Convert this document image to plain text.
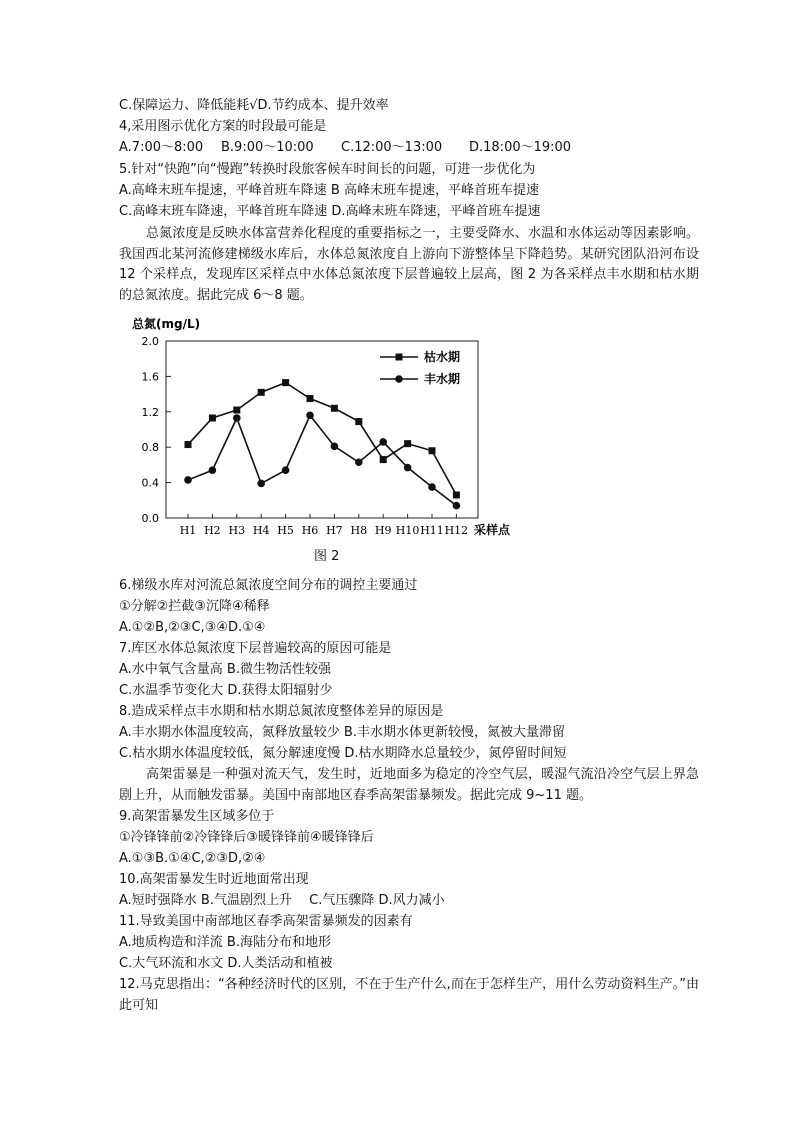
C.保障运力、降低能耗√D.节约成本、提升效率
4,采用图示优化方案的时段最可能是
A.7:00～8:00 B.9:00～10:00 C.12:00～13:00 D.18:00～19:00
5.针对“快跑”向“慢跑”转换时段旅客候车时间长的问题，可进一步优化为
A.高峰末班车提速，平峰首班车降速 B 高峰末班车提速，平峰首班车提速
C.高峰末班车降速，平峰首班车降速 D.高峰末班车降速，平峰首班车提速
总氮浓度是反映水体富营养化程度的重要指标之一，主要受降水、水温和水体运动等因素影响。我国西北某河流修建梯级水库后，水体总氮浓度自上游向下游整体呈下降趋势。某研究团队沿河布设 12 个采样点，发现库区采样点中水体总氮浓度下层普遍较上层高，图 2 为各采样点丰水期和枯水期的总氮浓度。据此完成 6～8 题。
总氮(mg/L)
2.0
1.6
1.2
0.8
0.4
0.0
H1 H2 H3 H4 H5 H6 H7 H8 H9 H10 H11 H12
枯水期
丰水期
采样点
图 2
6.梯级水库对河流总氮浓度空间分布的调控主要通过
①分解②拦截③沉降④稀释
A.①②B,②③C,③④D.①④
7.库区水体总氮浓度下层普遍较高的原因可能是
A.水中氧气含量高 B.微生物活性较强
C.水温季节变化大 D.获得太阳辐射少
8.造成采样点丰水期和枯水期总氮浓度整体差异的原因是
A.丰水期水体温度较高，氮释放量较少 B.丰水期水体更新较慢，氮被大量滞留
C.枯水期水体温度较低，氮分解速度慢 D.枯水期降水总量较少，氮停留时间短
高架雷暴是一种强对流天气，发生时，近地面多为稳定的冷空气层，暖湿气流沿冷空气层上界急剧上升，从而触发雷暴。美国中南部地区春季高架雷暴频发。据此完成 9~11 题。
9.高架雷暴发生区域多位于
①冷锋锋前②冷锋锋后③暖锋锋前④暖锋锋后
A.①③B.①④C,②③D,②④
10.高架雷暴发生时近地面常出现
A.短时强降水 B.气温剧烈上升　 C.气压骤降 D.风力减小
11.导致美国中南部地区春季高架雷暴频发的因素有
A.地质构造和洋流 B.海陆分布和地形
C.大气环流和水文 D.人类活动和植被
12.马克思指出：“各种经济时代的区别，不在于生产什么,而在于怎样生产，用什么劳动资料生产。”由此可知
